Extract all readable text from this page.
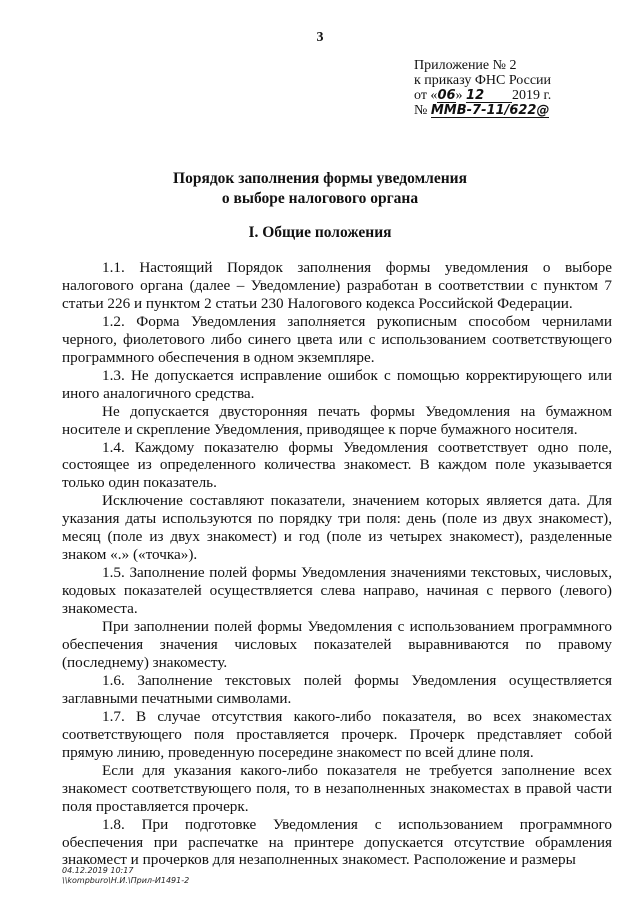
3
Приложение № 2
к приказу ФНС России
от «06» 12 2019 г.
№ ММВ-7-11/622@
Порядок заполнения формы уведомления
о выборе налогового органа
I. Общие положения

1.1. Настоящий Порядок заполнения формы уведомления о выборе налогового органа (далее – Уведомление) разработан в соответствии с пунктом 7 статьи 226 и пунктом 2 статьи 230 Налогового кодекса Российской Федерации.

1.2. Форма Уведомления заполняется рукописным способом чернилами черного, фиолетового либо синего цвета или с использованием соответствующего программного обеспечения в одном экземпляре.

1.3. Не допускается исправление ошибок с помощью корректирующего или иного аналогичного средства.

Не допускается двусторонняя печать формы Уведомления на бумажном носителе и скрепление Уведомления, приводящее к порче бумажного носителя.

1.4. Каждому показателю формы Уведомления соответствует одно поле, состоящее из определенного количества знакомест. В каждом поле указывается только один показатель.

Исключение составляют показатели, значением которых является дата. Для указания даты используются по порядку три поля: день (поле из двух знакомест), месяц (поле из двух знакомест) и год (поле из четырех знакомест), разделенные знаком «.» («точка»).

1.5. Заполнение полей формы Уведомления значениями текстовых, числовых, кодовых показателей осуществляется слева направо, начиная с первого (левого) знакоместа.

При заполнении полей формы Уведомления с использованием программного обеспечения значения числовых показателей выравниваются по правому (последнему) знакоместу.

1.6. Заполнение текстовых полей формы Уведомления осуществляется заглавными печатными символами.

1.7. В случае отсутствия какого-либо показателя, во всех знакоместах соответствующего поля проставляется прочерк. Прочерк представляет собой прямую линию, проведенную посередине знакомест по всей длине поля.

Если для указания какого-либо показателя не требуется заполнение всех знакомест соответствующего поля, то в незаполненных знакоместах в правой части поля проставляется прочерк.

1.8. При подготовке Уведомления с использованием программного обеспечения при распечатке на принтере допускается отсутствие обрамления знакомест и прочерков для незаполненных знакомест. Расположение и размеры

04.12.2019 10:17
\\kompburo\Н.И.\Прил-И1491-2
